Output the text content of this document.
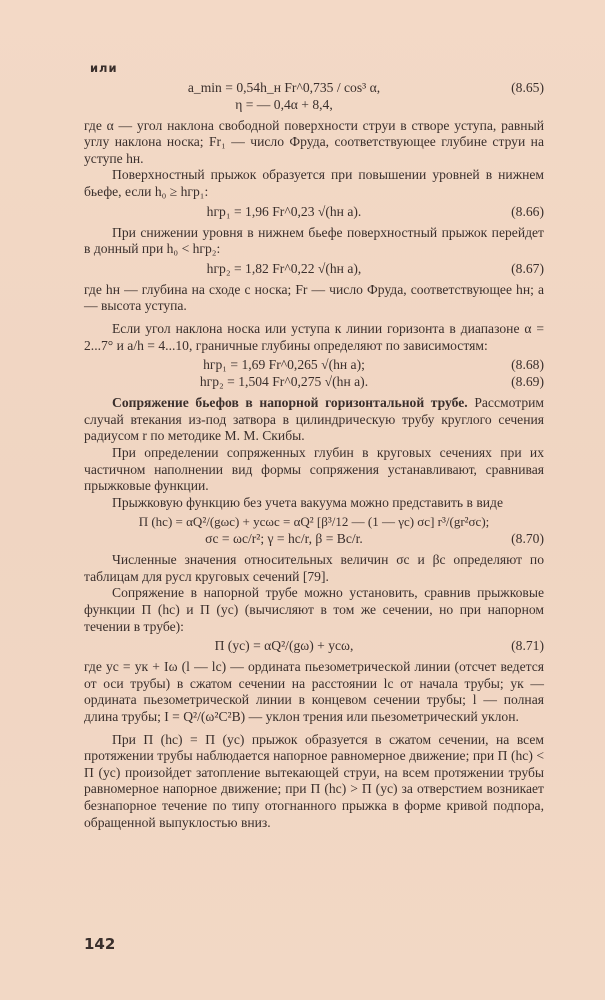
или
a_min = 0,54h_н Fr^0,735 / cos³ α,	(8.65)
η = — 0,4α + 8,4,

где α — угол наклона свободной поверхности струи в створе уступа, равный углу наклона носка; Fr₁ — число Фруда, соответствующее глубине струи на уступе hн.

Поверхностный прыжок образуется при повышении уровней в нижнем бьефе, если h₀ ≥ hгр₁:

hгр₁ = 1,96 Fr^0,23 √(hн a).	(8.66)

При снижении уровня в нижнем бьефе поверхностный прыжок перейдет в донный при h₀ < hгр₂:

hгр₂ = 1,82 Fr^0,22 √(hн a),	(8.67)

где hн — глубина на сходе с носка; Fr — число Фруда, соответствующее hн; a — высота уступа.

Если угол наклона носка или уступа к линии горизонта в диапазоне α = 2...7° и a/h = 4...10, граничные глубины определяют по зависимостям:

hгр₁ = 1,69 Fr^0,265 √(hн a);	(8.68)
hгр₂ = 1,504 Fr^0,275 √(hн a).	(8.69)

Сопряжение бьефов в напорной горизонтальной трубе. Рассмотрим случай втекания из-под затвора в цилиндрическую трубу круглого сечения радиусом r по методике М. М. Скибы.

При определении сопряженных глубин в круговых сечениях при их частичном наполнении вид формы сопряжения устанавливают, сравнивая прыжковые функции.

Прыжковую функцию без учета вакуума можно представить в виде

П (hc) = αQ²/(gωc) + ycωc = αQ² [β³/12 — (1 — γc) σc] r³/(gr²σc);
σc = ωc/r²; γ = hc/r, β = Bc/r.	(8.70)

Численные значения относительных величин σc и βc определяют по таблицам для русл круговых сечений [79].

Сопряжение в напорной трубе можно установить, сравнив прыжковые функции П (hc) и П (yc) (вычисляют в том же сечении, но при напорном течении в трубе):

П (yc) = αQ²/(gω) + ycω,	(8.71)

где yc = yк + Iω (l — lc) — ордината пьезометрической линии (отсчет ведется от оси трубы) в сжатом сечении на расстоянии lc от начала трубы; yк — ордината пьезометрической линии в концевом сечении трубы; l — полная длина трубы; I = Q²/(ω²C²B) — уклон трения или пьезометрический уклон.

При П (hc) = П (yc) прыжок образуется в сжатом сечении, на всем протяжении трубы наблюдается напорное равномерное движение; при П (hc) < П (yc) произойдет затопление вытекающей струи, на всем протяжении трубы равномерное напорное движение; при П (hc) > П (yc) за отверстием возникает безнапорное течение по типу отогнанного прыжка в форме кривой подпора, обращенной выпуклостью вниз.

142
